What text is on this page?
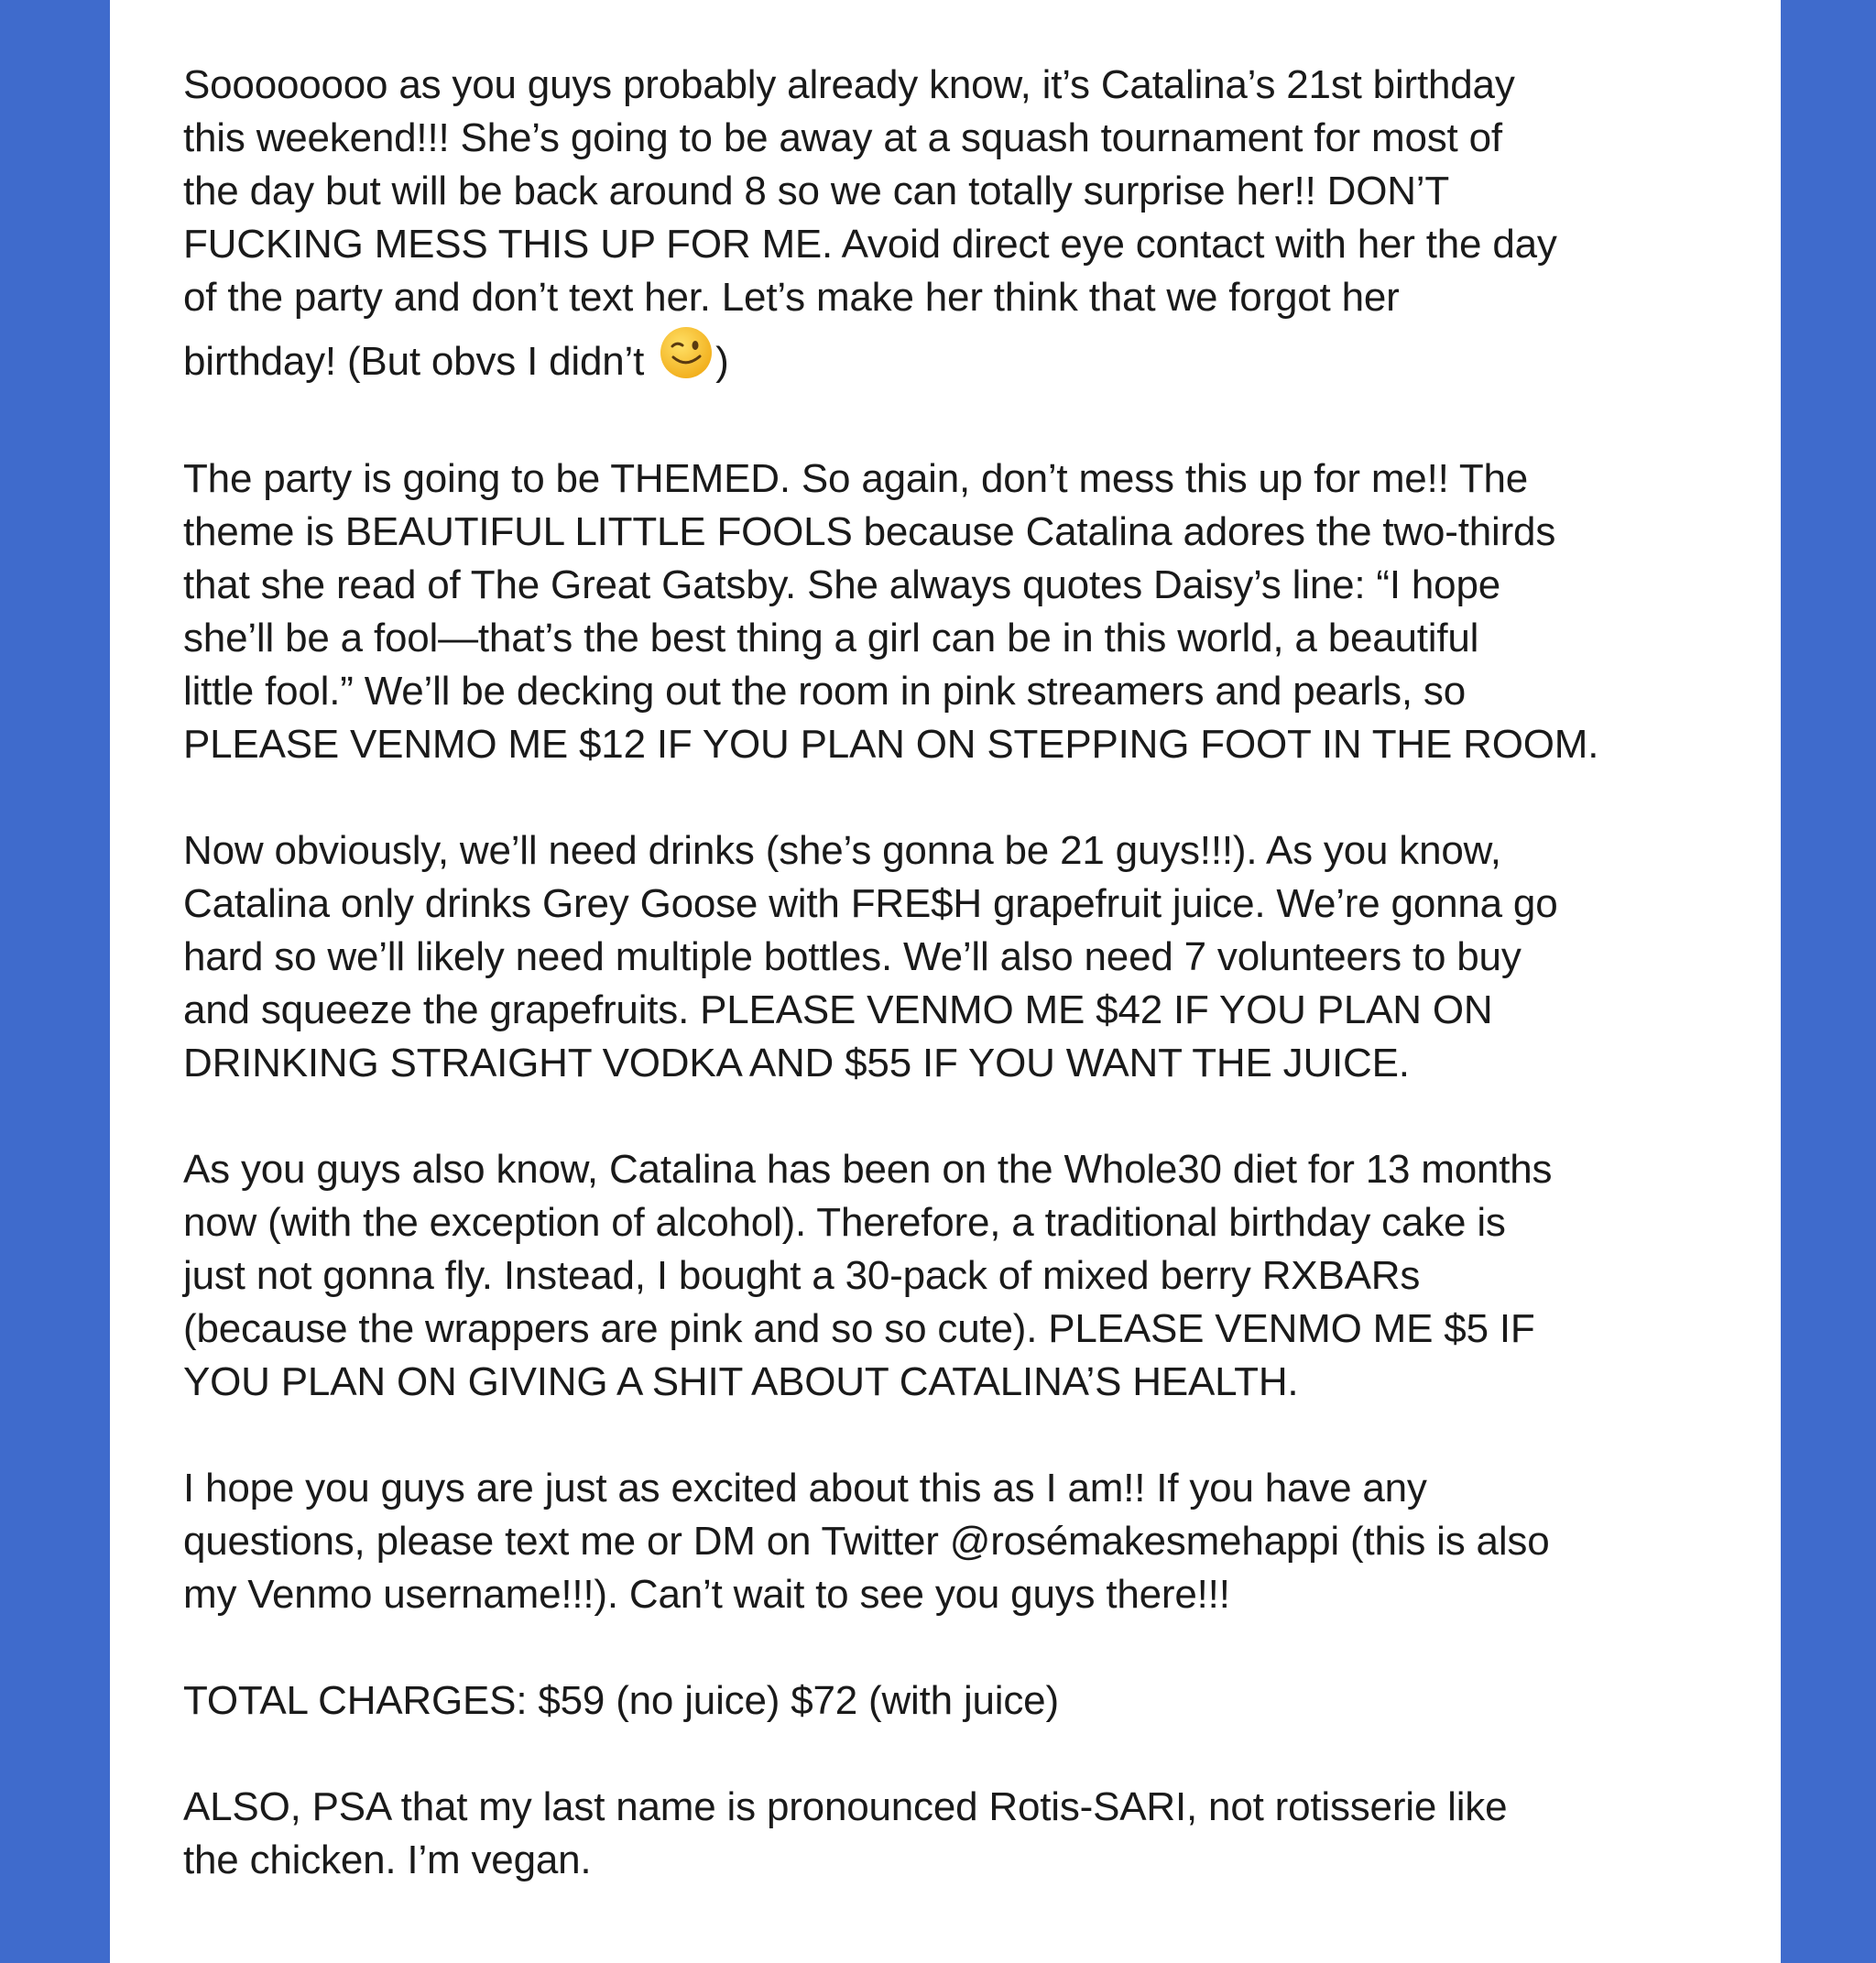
Soooooooo as you guys probably already know, it’s Catalina’s 21st birthday
this weekend!!! She’s going to be away at a squash tournament for most of
the day but will be back around 8 so we can totally surprise her!! DON’T
FUCKING MESS THIS UP FOR ME. Avoid direct eye contact with her the day
of the party and don’t text her. Let’s make her think that we forgot her
birthday! (But obvs I didn’t )
The party is going to be THEMED. So again, don’t mess this up for me!! The
theme is BEAUTIFUL LITTLE FOOLS because Catalina adores the two-thirds
that she read of The Great Gatsby. She always quotes Daisy’s line: “I hope
she’ll be a fool—that’s the best thing a girl can be in this world, a beautiful
little fool.” We’ll be decking out the room in pink streamers and pearls, so
PLEASE VENMO ME $12 IF YOU PLAN ON STEPPING FOOT IN THE ROOM.
Now obviously, we’ll need drinks (she’s gonna be 21 guys!!!). As you know,
Catalina only drinks Grey Goose with FRE$H grapefruit juice. We’re gonna go
hard so we’ll likely need multiple bottles. We’ll also need 7 volunteers to buy
and squeeze the grapefruits. PLEASE VENMO ME $42 IF YOU PLAN ON
DRINKING STRAIGHT VODKA AND $55 IF YOU WANT THE JUICE.
As you guys also know, Catalina has been on the Whole30 diet for 13 months
now (with the exception of alcohol). Therefore, a traditional birthday cake is
just not gonna fly. Instead, I bought a 30-pack of mixed berry RXBARs
(because the wrappers are pink and so so cute). PLEASE VENMO ME $5 IF
YOU PLAN ON GIVING A SHIT ABOUT CATALINA’S HEALTH.
I hope you guys are just as excited about this as I am!! If you have any
questions, please text me or DM on Twitter @rosémakesmehappi (this is also
my Venmo username!!!). Can’t wait to see you guys there!!!
TOTAL CHARGES: $59 (no juice) $72 (with juice)
ALSO, PSA that my last name is pronounced Rotis-SARI, not rotisserie like
the chicken. I’m vegan.
